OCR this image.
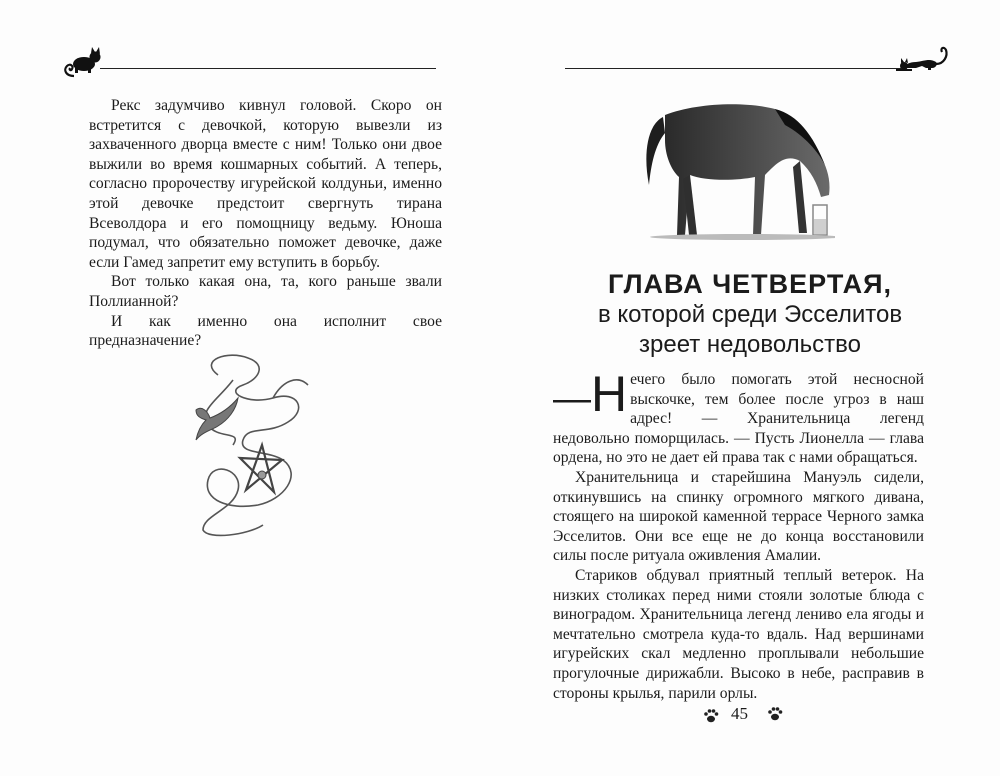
Рекс задумчиво кивнул головой. Скоро он встретится с девочкой, которую вывезли из захваченного дворца вместе с ним! Только они двое выжили во время кошмарных событий. А теперь, согласно пророчеству игурейской колдуньи, именно этой девочке предстоит свергнуть тирана Всеволдора и его помощницу ведьму. Юноша подумал, что обязательно поможет девочке, даже если Гамед запретит ему вступить в борьбу.

Вот только какая она, та, кого раньше звали Поллианной?

И как именно она исполнит свое предназначение?

ГЛАВА ЧЕТВЕРТАЯ,
в которой среди Эсселитов
зреет недовольство

—Н ечего было помогать этой несносной выскочке, тем более после угроз в наш адрес! — Хранительница легенд недовольно поморщилась. — Пусть Лионелла — глава ордена, но это не дает ей права так с нами обращаться.

Хранительница и старейшина Мануэль сидели, откинувшись на спинку огромного мягкого дивана, стоящего на широкой каменной террасе Черного замка Эсселитов. Они все еще не до конца восстановили силы после ритуала оживления Амалии.

Стариков обдувал приятный теплый ветерок. На низких столиках перед ними стояли золотые блюда с виноградом. Хранительница легенд лениво ела ягоды и мечтательно смотрела куда-то вдаль. Над вершинами игурейских скал медленно проплывали небольшие прогулочные дирижабли. Высоко в небе, расправив в стороны крылья, парили орлы.

45
